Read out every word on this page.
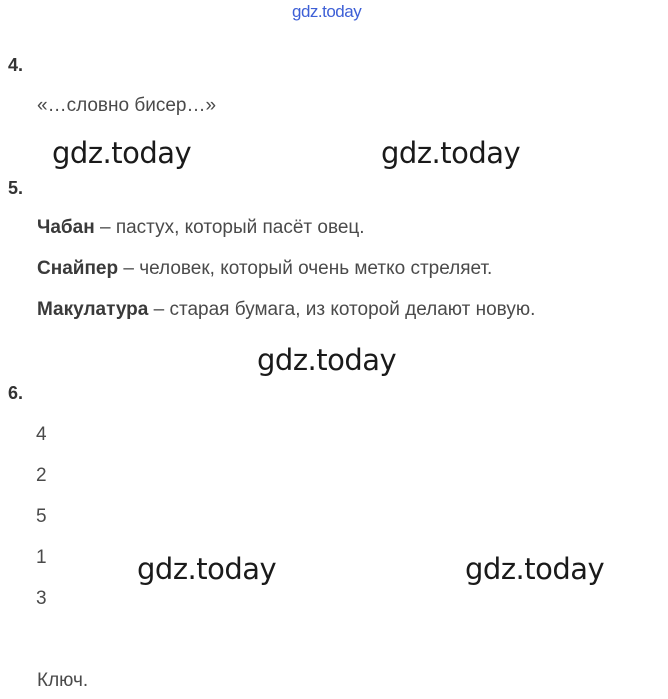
gdz.today
4.
«…словно бисер…»
gdz.today	gdz.today
5.
Чабан – пастух, который пасёт овец.
Снайпер – человек, который очень метко стреляет.
Макулатура – старая бумага, из которой делают новую.
gdz.today
6.
4
2
5
1
3
gdz.today	gdz.today
Ключ.
